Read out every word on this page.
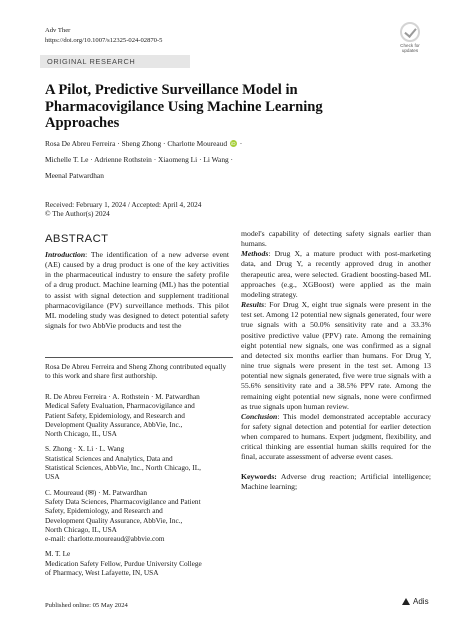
Adv Ther
https://doi.org/10.1007/s12325-024-02870-5
Check for
updates
ORIGINAL RESEARCH
A Pilot, Predictive Surveillance Model in Pharmacovigilance Using Machine Learning Approaches
Rosa De Abreu Ferreira · Sheng Zhong · Charlotte Moureaud iD ·
Michelle T. Le · Adrienne Rothstein · Xiaomeng Li · Li Wang ·
Meenal Patwardhan
Received: February 1, 2024 / Accepted: April 4, 2024
© The Author(s) 2024
ABSTRACT

Introduction: The identification of a new adverse event (AE) caused by a drug product is one of the key activities in the pharmaceutical industry to ensure the safety profile of a drug product. Machine learning (ML) has the potential to assist with signal detection and supplement traditional pharmacovigilance (PV) surveillance methods. This pilot ML modeling study was designed to detect potential safety signals for two AbbVie products and test the

Rosa De Abreu Ferreira and Sheng Zhong contributed equally to this work and share first authorship.
R. De Abreu Ferreira · A. Rothstein · M. Patwardhan
Medical Safety Evaluation, Pharmacovigilance and
Patient Safety, Epidemiology, and Research and
Development Quality Assurance, AbbVie, Inc.,
North Chicago, IL, USA
S. Zhong · X. Li · L. Wang
Statistical Sciences and Analytics, Data and
Statistical Sciences, AbbVie, Inc., North Chicago, IL,
USA
C. Moureaud (✉) · M. Patwardhan
Safety Data Sciences, Pharmacovigilance and Patient
Safety, Epidemiology, and Research and
Development Quality Assurance, AbbVie, Inc.,
North Chicago, IL, USA
e-mail: charlotte.moureaud@abbvie.com
M. T. Le
Medication Safety Fellow, Purdue University College
of Pharmacy, West Lafayette, IN, USA

model's capability of detecting safety signals earlier than humans.

Methods: Drug X, a mature product with post-marketing data, and Drug Y, a recently approved drug in another therapeutic area, were selected. Gradient boosting-based ML approaches (e.g., XGBoost) were applied as the main modeling strategy.

Results: For Drug X, eight true signals were present in the test set. Among 12 potential new signals generated, four were true signals with a 50.0% sensitivity rate and a 33.3% positive predictive value (PPV) rate. Among the remaining eight potential new signals, one was confirmed as a signal and detected six months earlier than humans. For Drug Y, nine true signals were present in the test set. Among 13 potential new signals generated, five were true signals with a 55.6% sensitivity rate and a 38.5% PPV rate. Among the remaining eight potential new signals, none were confirmed as true signals upon human review.

Conclusion: This model demonstrated acceptable accuracy for safety signal detection and potential for earlier detection when compared to humans. Expert judgment, flexibility, and critical thinking are essential human skills required for the final, accurate assessment of adverse event cases.

Keywords: Adverse drug reaction; Artificial intelligence; Machine learning;

Published online: 05 May 2024	Adis
